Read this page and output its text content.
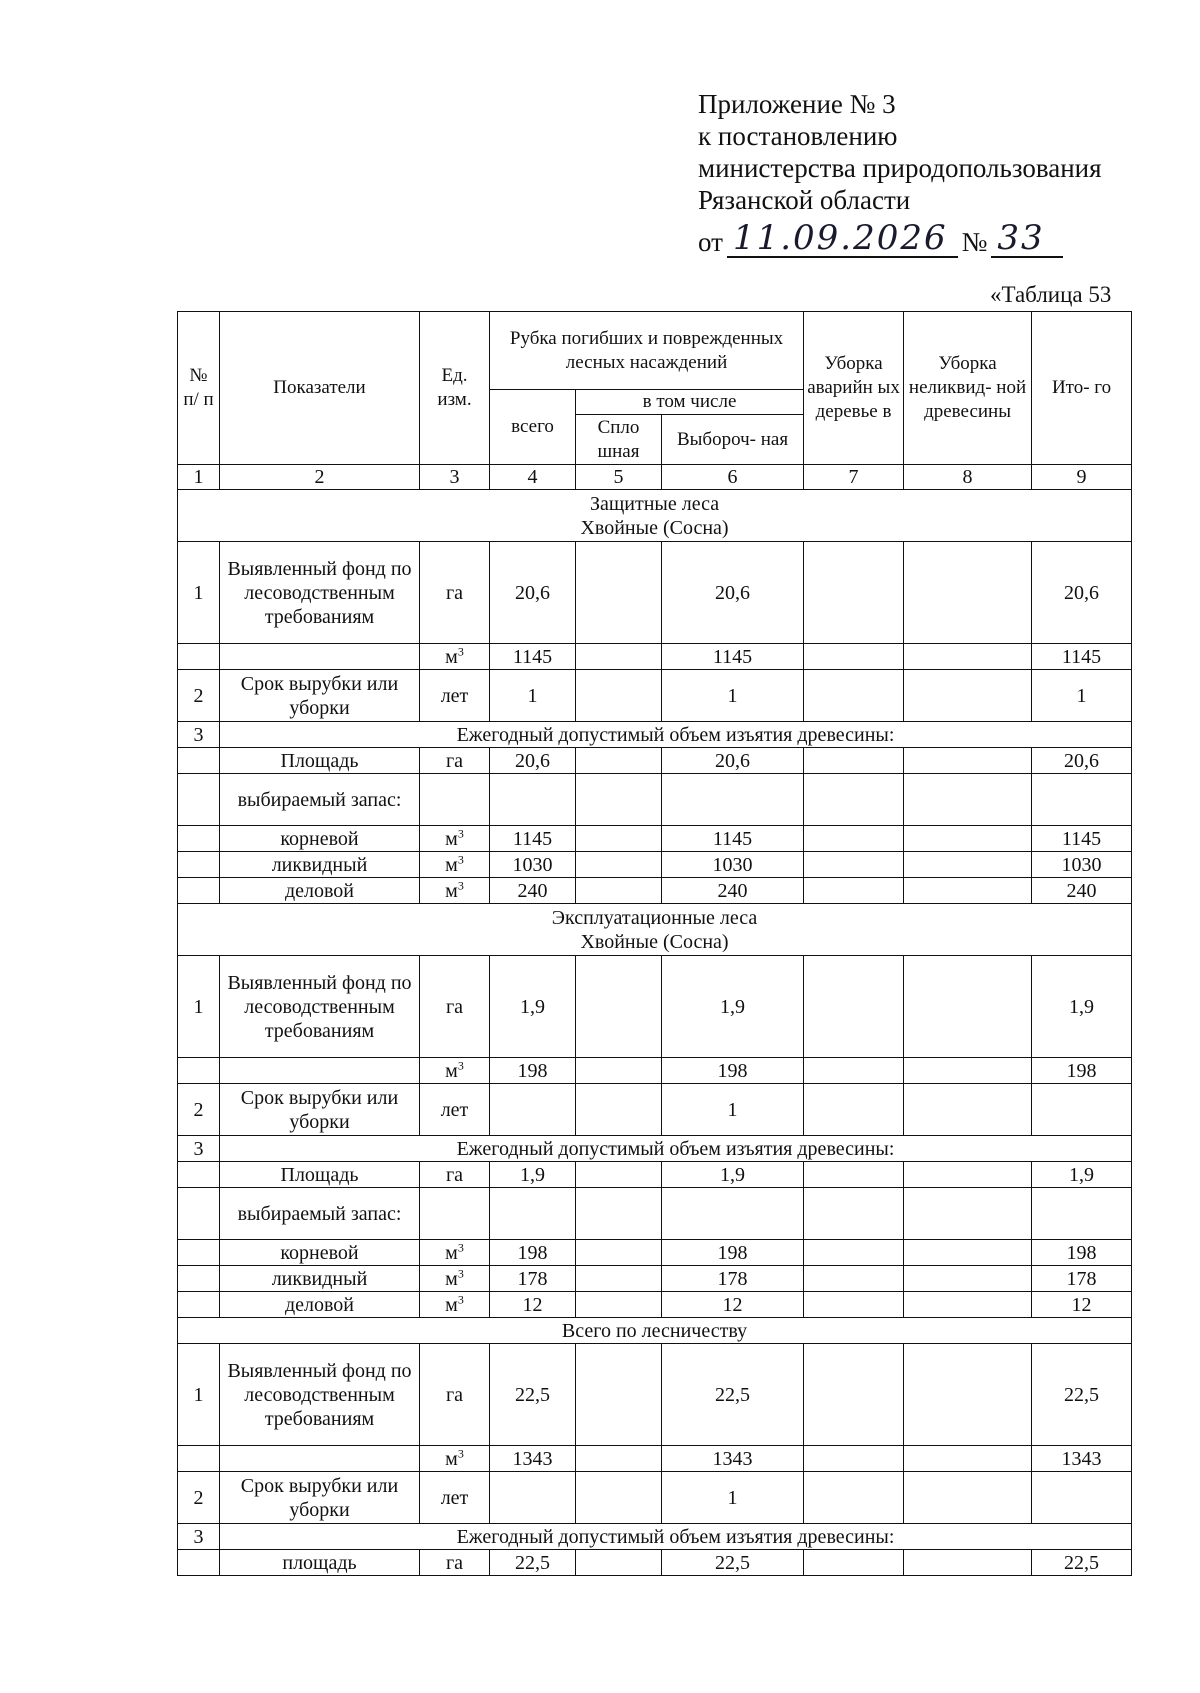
Приложение № 3
к постановлению
министерства природопользования
Рязанской области
от 11.09.2026 № 33
«Таблица 53
№ п/ п	Показатели	Ед. изм.	Рубка погибших и поврежденных лесных насаждений			Уборка аварийн ых деревье в	Уборка неликвид- ной древесины	Ито- го
			всего	в том числе				
				Спло шная	Выбороч- ная			
1	2	3	4	5	6	7	8	9

Защитные леса
Хвойные (Сосна)								

1	Выявленный фонд по лесоводственным требованиям	га	20,6		20,6			20,6
		$м^3$	1145		1145			1145
2	Срок вырубки или уборки	лет	1		1			1
3	Ежегодный допустимый объем изъятия древесины:							
	Площадь	га	20,6		20,6			20,6
	выбираемый запас:							
	корневой	$м^3$	1145		1145			1145
	ликвидный	$м^3$	1030		1030			1030
	деловой	$м^3$	240		240			240

Эксплуатационные леса
Хвойные (Сосна)								

1	Выявленный фонд по лесоводственным требованиям	га	1,9		1,9			1,9
		$м^3$	198		198			198
2	Срок вырубки или уборки	лет			1			
3	Ежегодный допустимый объем изъятия древесины:							
	Площадь	га	1,9		1,9			1,9
	выбираемый запас:							
	корневой	$м^3$	198		198			198
	ликвидный	$м^3$	178		178			178
	деловой	$м^3$	12		12			12
Всего по лесничеству								
1	Выявленный фонд по лесоводственным требованиям	га	22,5		22,5			22,5
		$м^3$	1343		1343			1343
2	Срок вырубки или уборки	лет			1			
3	Ежегодный допустимый объем изъятия древесины:							
	площадь	га	22,5		22,5			22,5
